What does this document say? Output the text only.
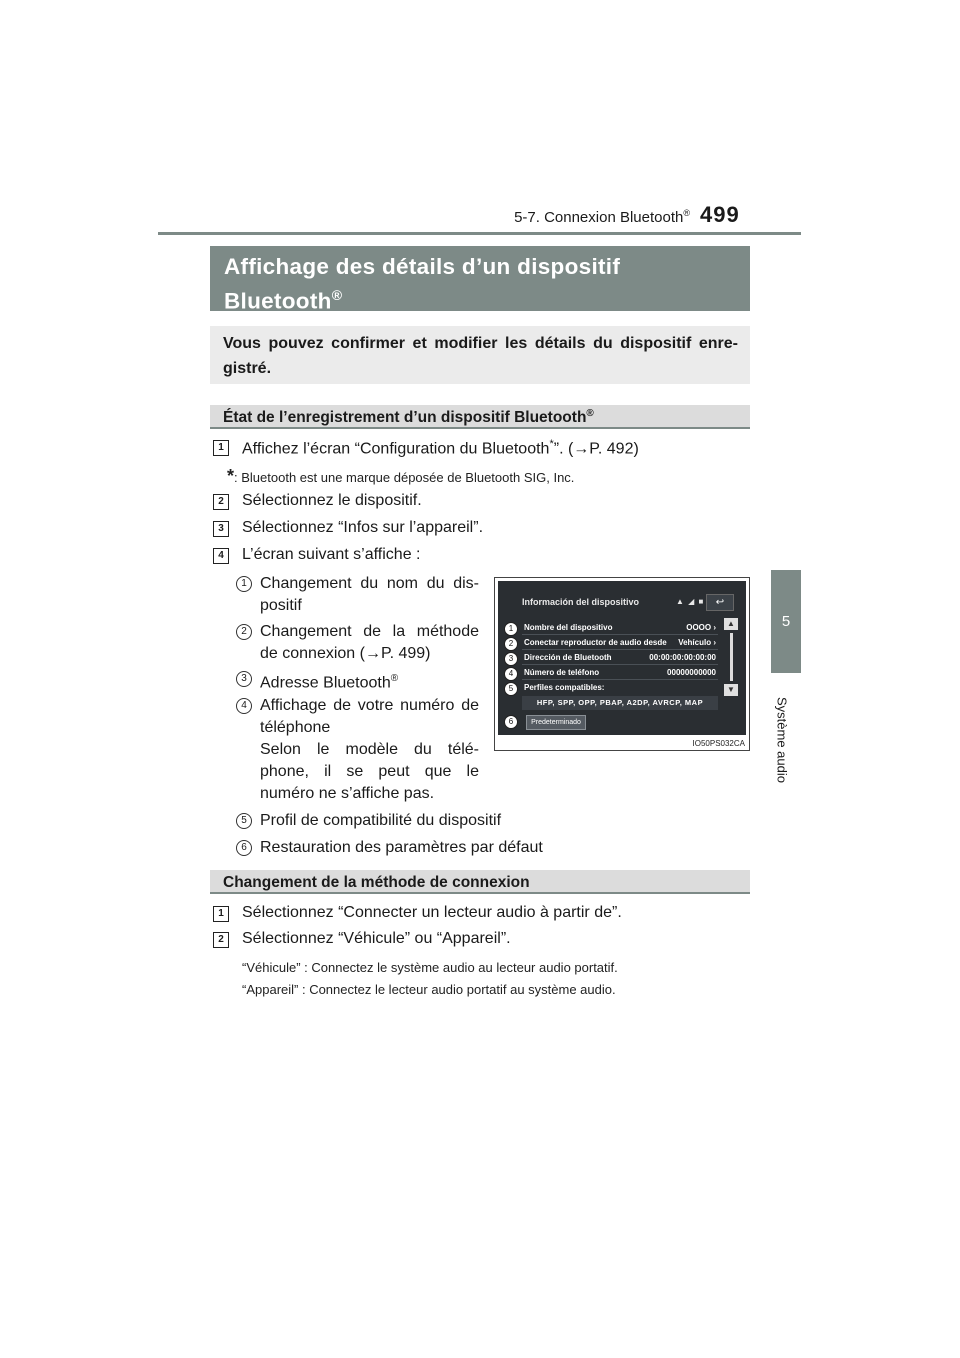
5-7. Connexion Bluetooth® 499
5
Système audio
Affichage des détails d’un dispositif
Bluetooth®
Vous pouvez confirmer et modifier les détails du dispositif enre-gistré.
État de l’enregistrement d’un dispositif Bluetooth®
1	Affichez l’écran “Configuration du Bluetooth*”. (→P. 492)
*: Bluetooth est une marque déposée de Bluetooth SIG, Inc.
2	Sélectionnez le dispositif.
3	Sélectionnez “Infos sur l’appareil”.
4	L’écran suivant s’affiche :
1 Changement du nom du dis-positif
2 Changement de la méthode de connexion (→P. 499)
3 Adresse Bluetooth®
4 Affichage de votre numéro de téléphone
Selon le modèle du télé-phone, il se peut que le numéro ne s’affiche pas.
5 Profil de compatibilité du dispositif
6 Restauration des paramètres par défaut
Información del dispositivo	▲ ◢ ■	↩
Nombre del dispositivo	OOOO ›
Conectar reproductor de audio desde Vehículo ›
Dirección de Bluetooth	00:00:00:00:00:00
Número de teléfono	00000000000
Perfiles compatibles:
HFP, SPP, OPP, PBAP, A2DP, AVRCP, MAP
Predeterminado
▲
▼
1
2
3
4
5
6
IO50PS032CA
Changement de la méthode de connexion
1	Sélectionnez “Connecter un lecteur audio à partir de”.
2	Sélectionnez “Véhicule” ou “Appareil”.
“Véhicule” : Connectez le système audio au lecteur audio portatif.
“Appareil” : Connectez le lecteur audio portatif au système audio.
